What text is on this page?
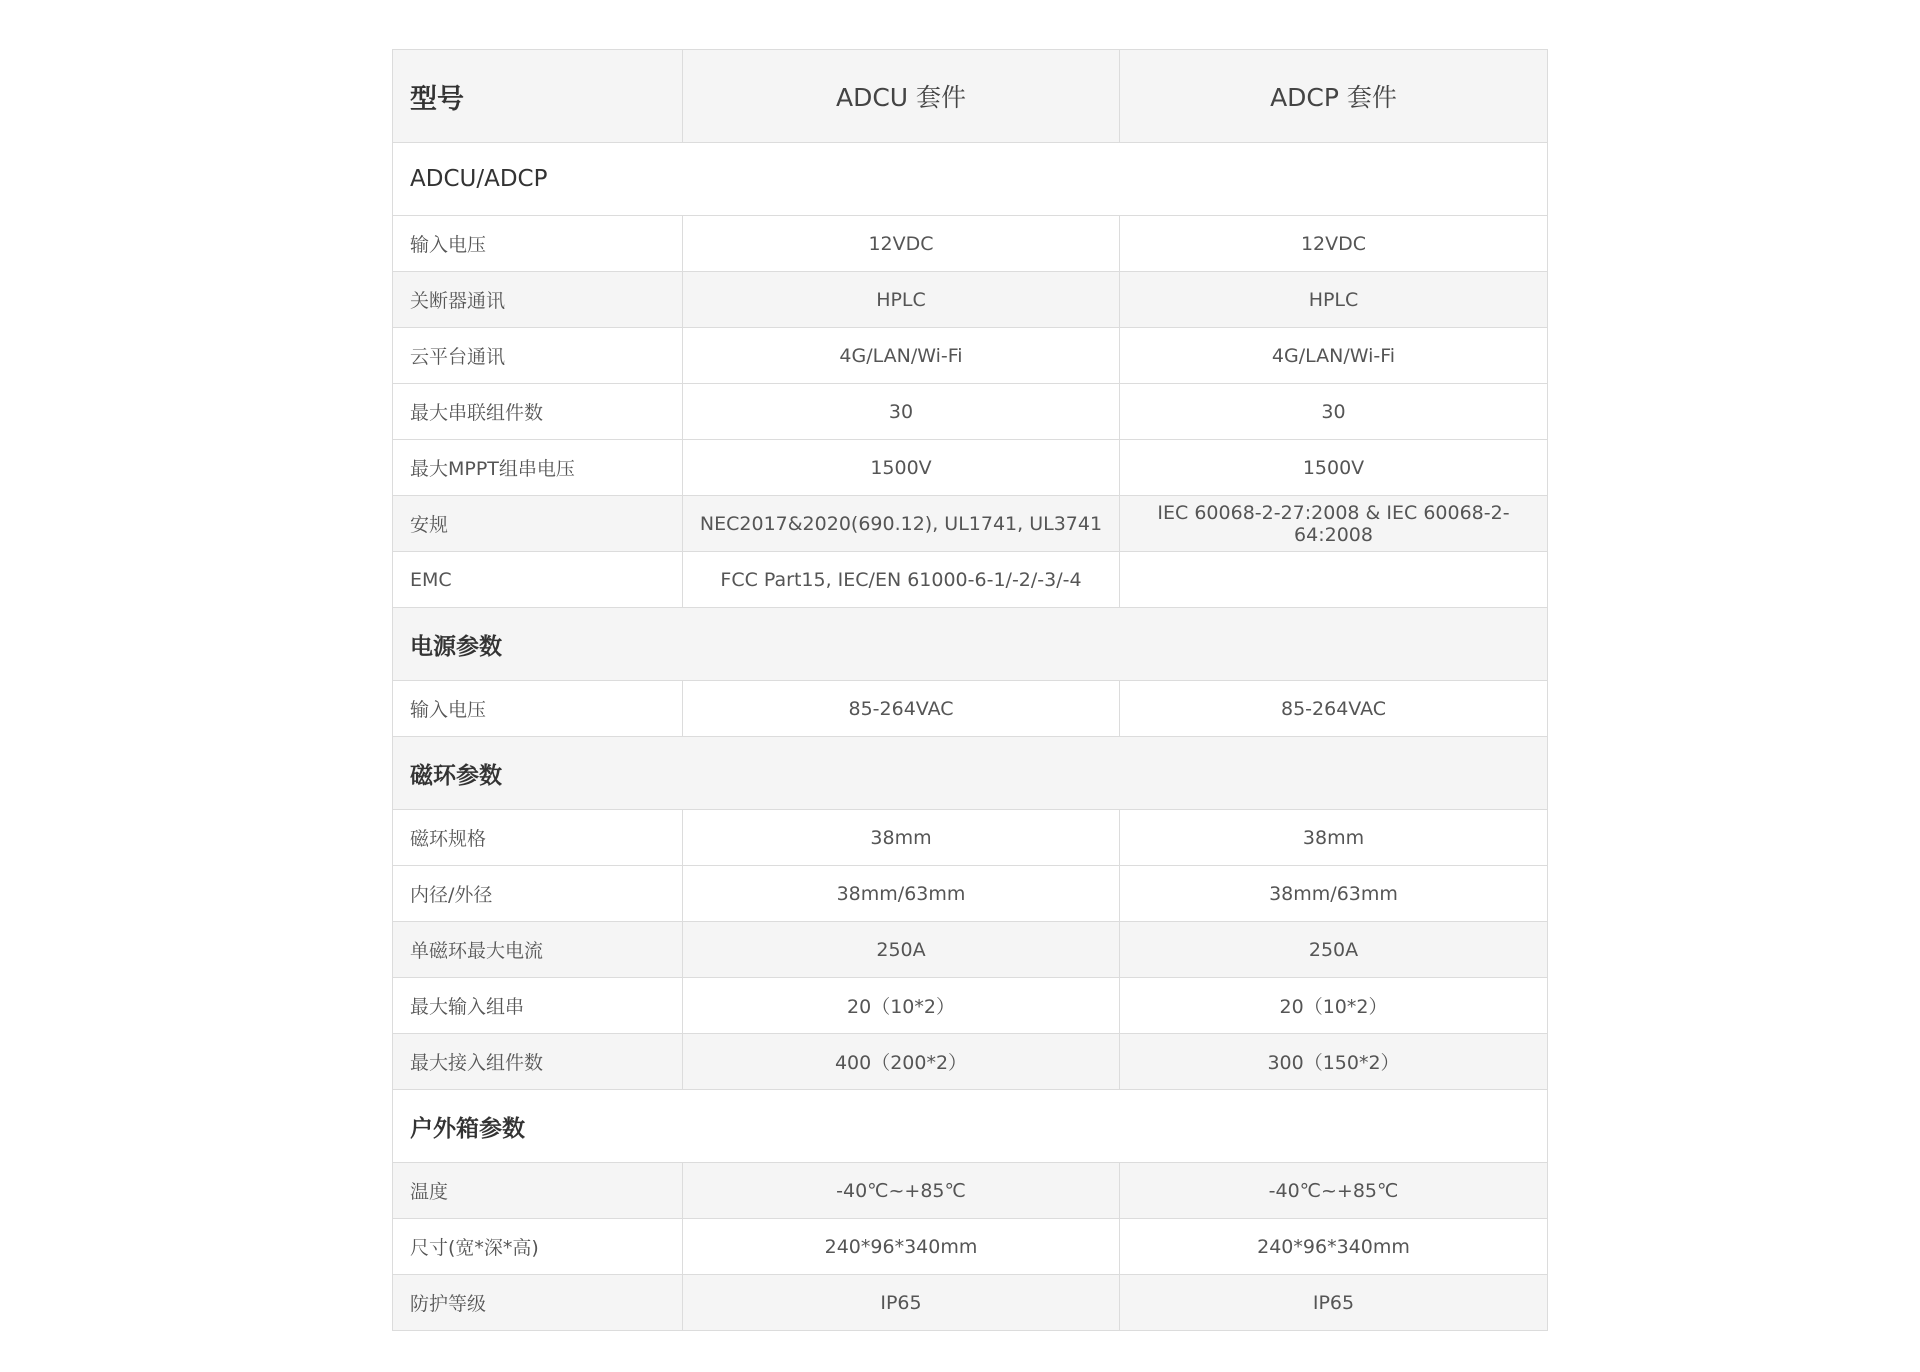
型号	ADCU 套件	ADCP 套件
ADCU/ADCP		
输入电压	12VDC	12VDC
关断器通讯	HPLC	HPLC
云平台通讯	4G/LAN/Wi-Fi	4G/LAN/Wi-Fi
最大串联组件数	30	30
最大MPPT组串电压	1500V	1500V
安规	NEC2017&2020(690.12), UL1741, UL3741	IEC 60068-2-27:2008 & IEC 60068-2-64:2008
EMC	FCC Part15, IEC/EN 61000-6-1/-2/-3/-4	
电源参数		
输入电压	85-264VAC	85-264VAC
磁环参数		
磁环规格	38mm	38mm
内径/外径	38mm/63mm	38mm/63mm
单磁环最大电流	250A	250A
最大输入组串	20（10*2）	20（10*2）
最大接入组件数	400（200*2）	300（150*2）
户外箱参数		
温度	-40℃~+85℃	-40℃~+85℃
尺寸(宽*深*高)	240*96*340mm	240*96*340mm
防护等级	IP65	IP65
